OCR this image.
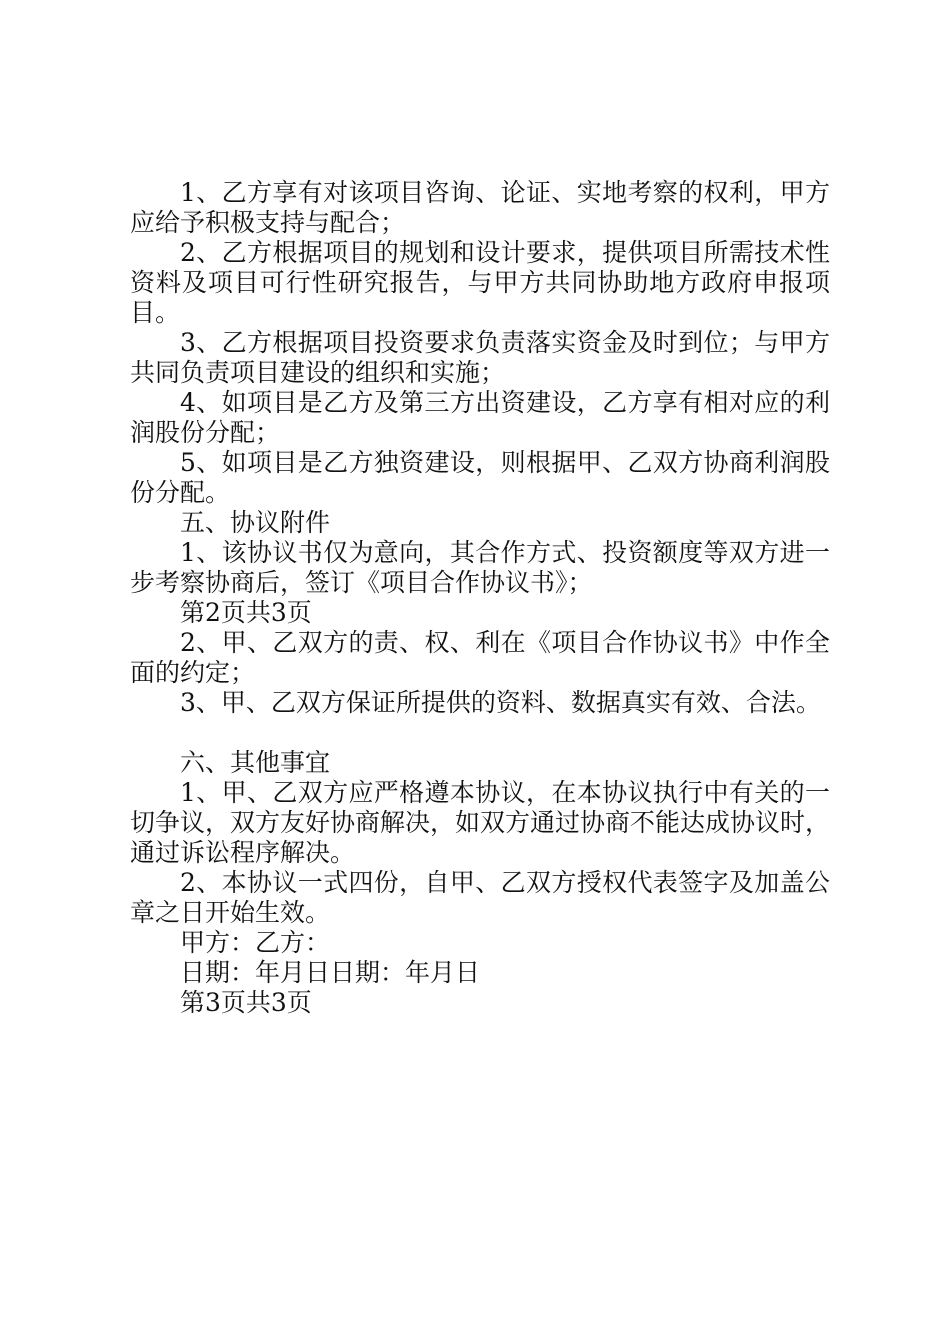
1、乙方享有对该项目咨询、论证、实地考察的权利，甲方应给予积极支持与配合；

2、乙方根据项目的规划和设计要求，提供项目所需技术性资料及项目可行性研究报告，与甲方共同协助地方政府申报项目。

3、乙方根据项目投资要求负责落实资金及时到位；与甲方共同负责项目建设的组织和实施；

4、如项目是乙方及第三方出资建设，乙方享有相对应的利润股份分配；

5、如项目是乙方独资建设，则根据甲、乙双方协商利润股份分配。

五、协议附件

1、该协议书仅为意向，其合作方式、投资额度等双方进一步考察协商后，签订《项目合作协议书》；

第2页共3页

2、甲、乙双方的责、权、利在《项目合作协议书》中作全面的约定；

3、甲、乙双方保证所提供的资料、数据真实有效、合法。

六、其他事宜

1、甲、乙双方应严格遵本协议，在本协议执行中有关的一切争议，双方友好协商解决，如双方通过协商不能达成协议时，通过诉讼程序解决。

2、本协议一式四份，自甲、乙双方授权代表签字及加盖公章之日开始生效。

甲方：乙方：

日期：年月日日期：年月日

第3页共3页
